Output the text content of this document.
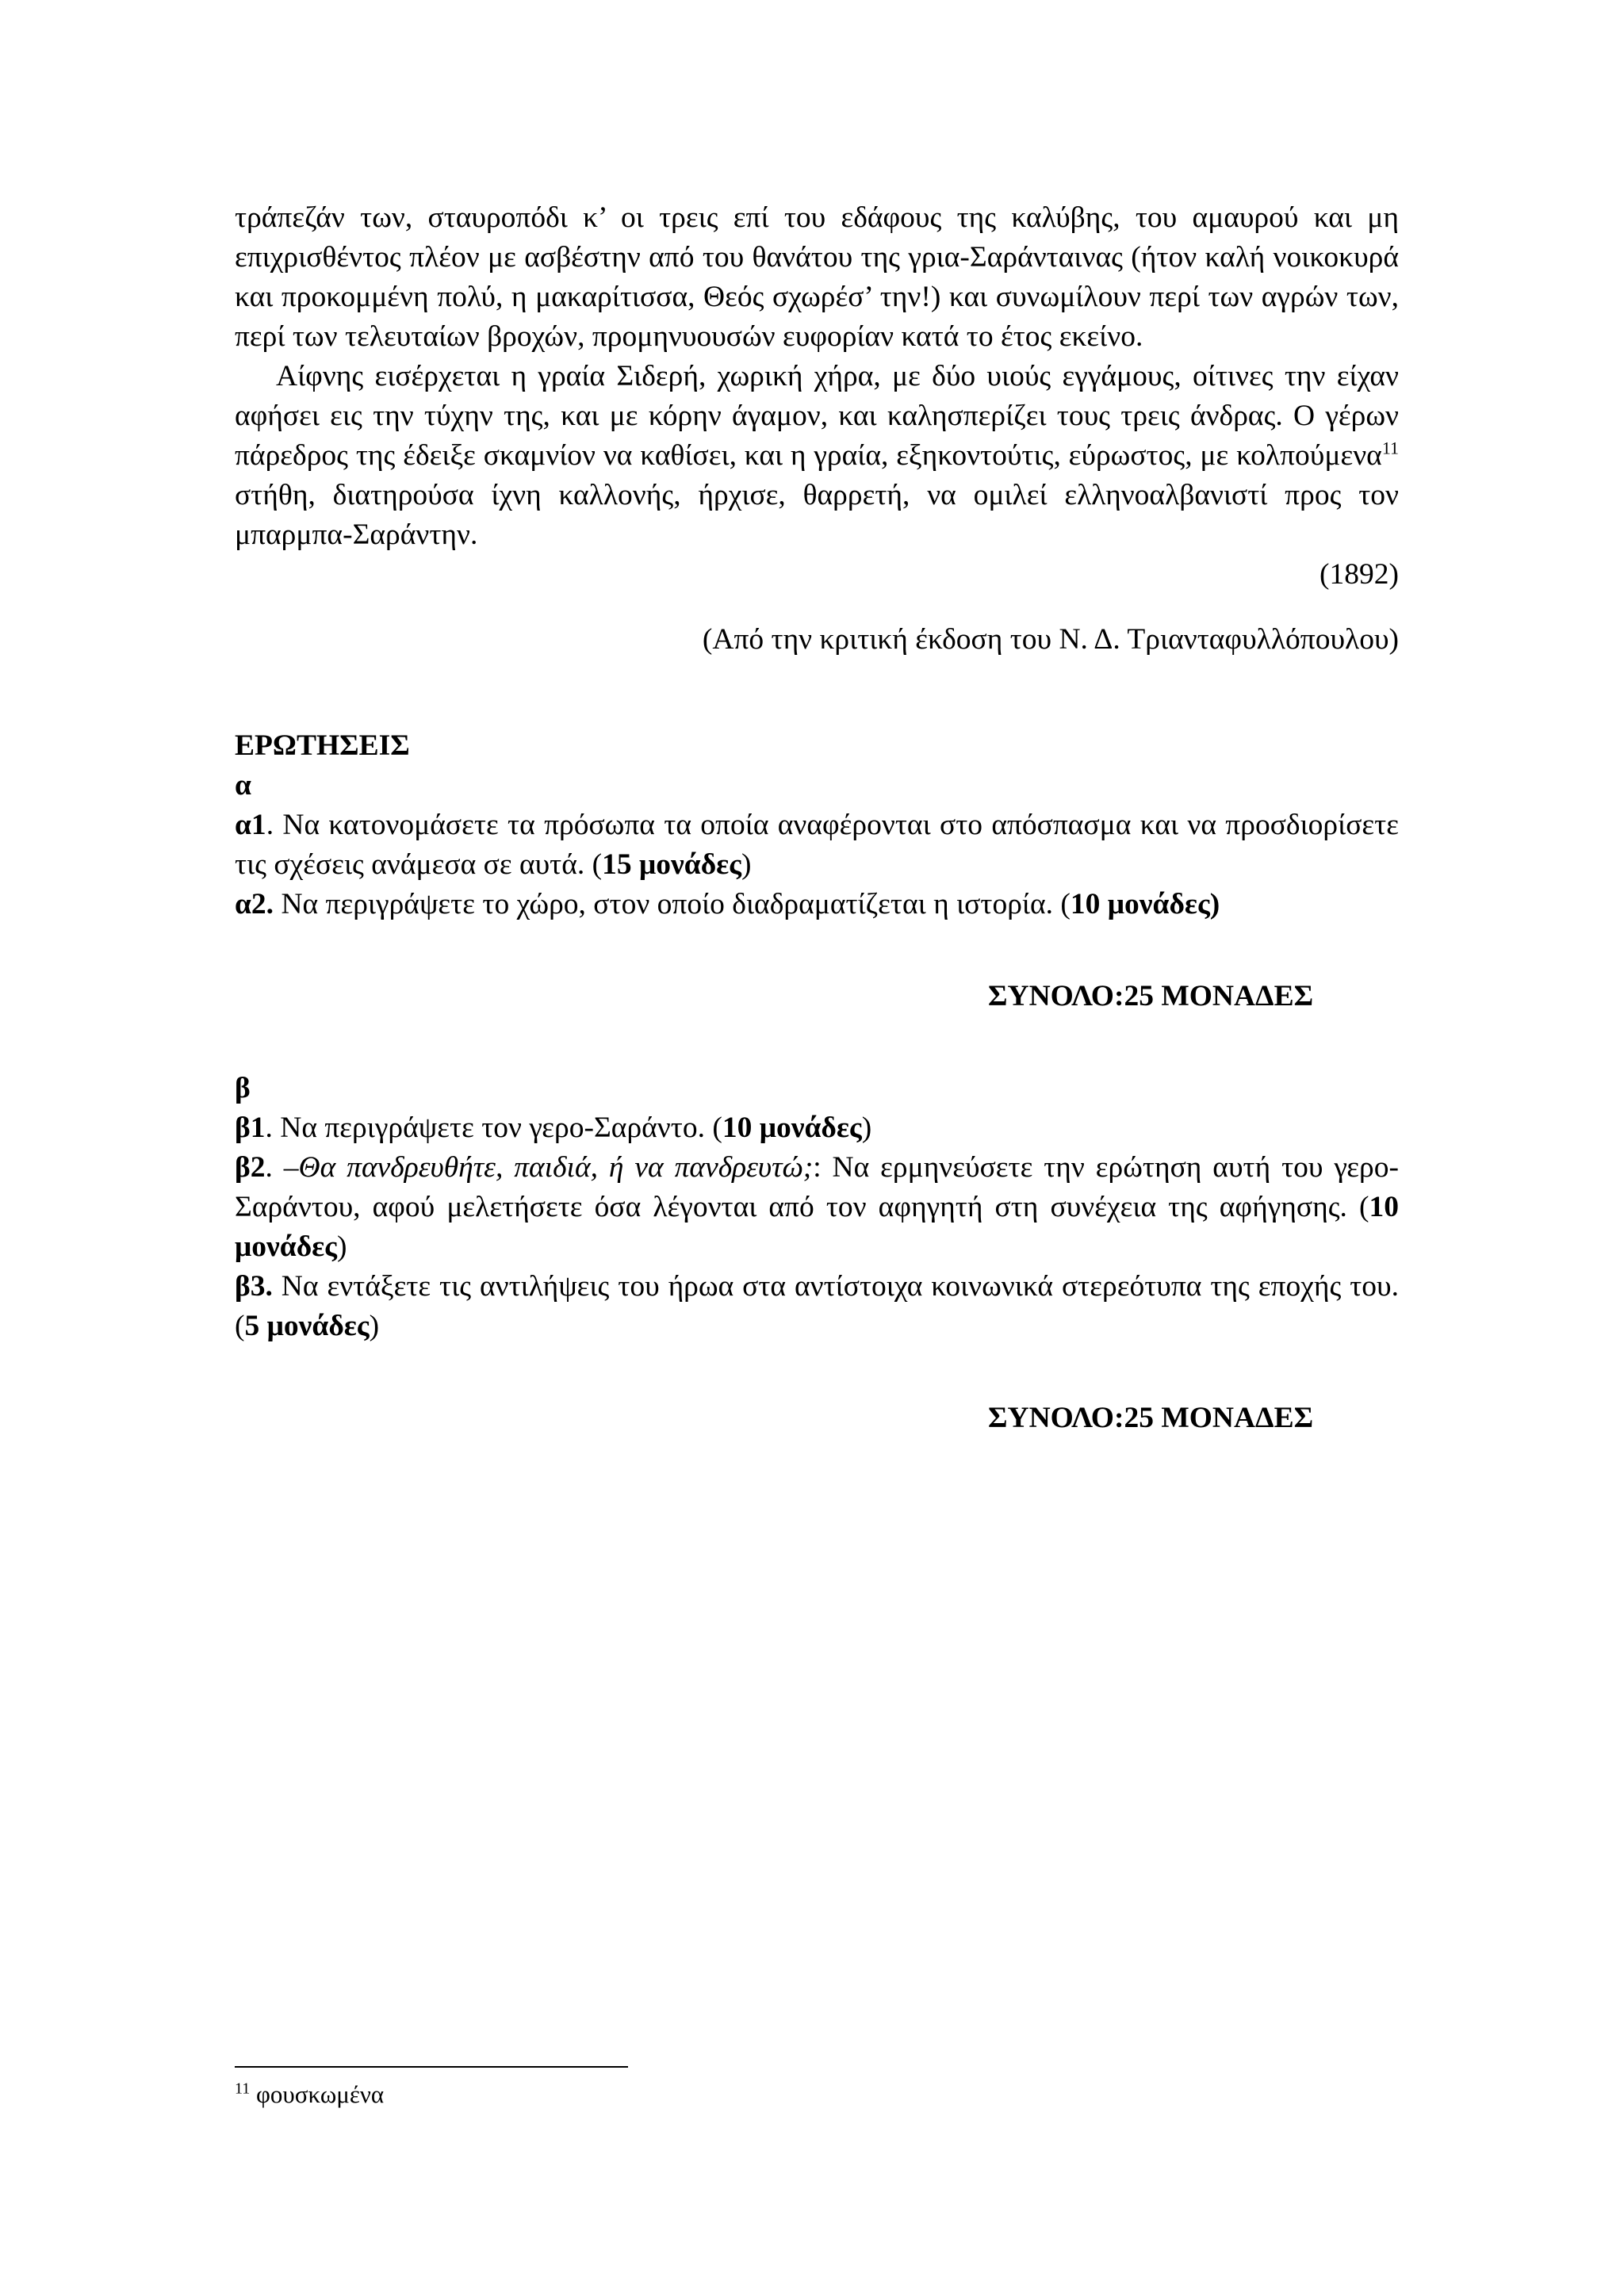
τράπεζάν των, σταυροπόδι κ’ οι τρεις επί του εδάφους της καλύβης, του αμαυρού και μη επιχρισθέντος πλέον με ασβέστην από του θανάτου της γρια-Σαράνταινας (ήτον καλή νοικοκυρά και προκομμένη πολύ, η μακαρίτισσα, Θεός σχωρέσ’ την!) και συνωμίλουν περί των αγρών των, περί των τελευταίων βροχών, προμηνυουσών ευφορίαν κατά το έτος εκείνο.

Αίφνης εισέρχεται η γραία Σιδερή, χωρική χήρα, με δύο υιούς εγγάμους, οίτινες την είχαν αφήσει εις την τύχην της, και με κόρην άγαμον, και καλησπερίζει τους τρεις άνδρας. Ο γέρων πάρεδρος της έδειξε σκαμνίον να καθίσει, και η γραία, εξηκοντούτις, εύρωστος, με κολπούμενα$^{11}$ στήθη, διατηρούσα ίχνη καλλονής, ήρχισε, θαρρετή, να ομιλεί ελληνοαλβανιστί προς τον μπαρμπα-Σαράντην.

(1892)

(Από την κριτική έκδοση του Ν. Δ. Τριανταφυλλόπουλου)

ΕΡΩΤΗΣΕΙΣ

α

α1. Να κατονομάσετε τα πρόσωπα τα οποία αναφέρονται στο απόσπασμα και να προσδιορίσετε τις σχέσεις ανάμεσα σε αυτά. (15 μονάδες)

α2. Να περιγράψετε το χώρο, στον οποίο διαδραματίζεται η ιστορία. (10 μονάδες)

ΣΥΝΟΛΟ:25 ΜΟΝΑΔΕΣ

β

β1. Να περιγράψετε τον γερο-Σαράντο. (10 μονάδες)

β2. –Θα πανδρευθήτε, παιδιά, ή να πανδρευτώ;: Να ερμηνεύσετε την ερώτηση αυτή του γερο-Σαράντου, αφού μελετήσετε όσα λέγονται από τον αφηγητή στη συνέχεια της αφήγησης. (10 μονάδες)

β3. Να εντάξετε τις αντιλήψεις του ήρωα στα αντίστοιχα κοινωνικά στερεότυπα της εποχής του. (5 μονάδες)

ΣΥΝΟΛΟ:25 ΜΟΝΑΔΕΣ

$^{11}$ φουσκωμένα
